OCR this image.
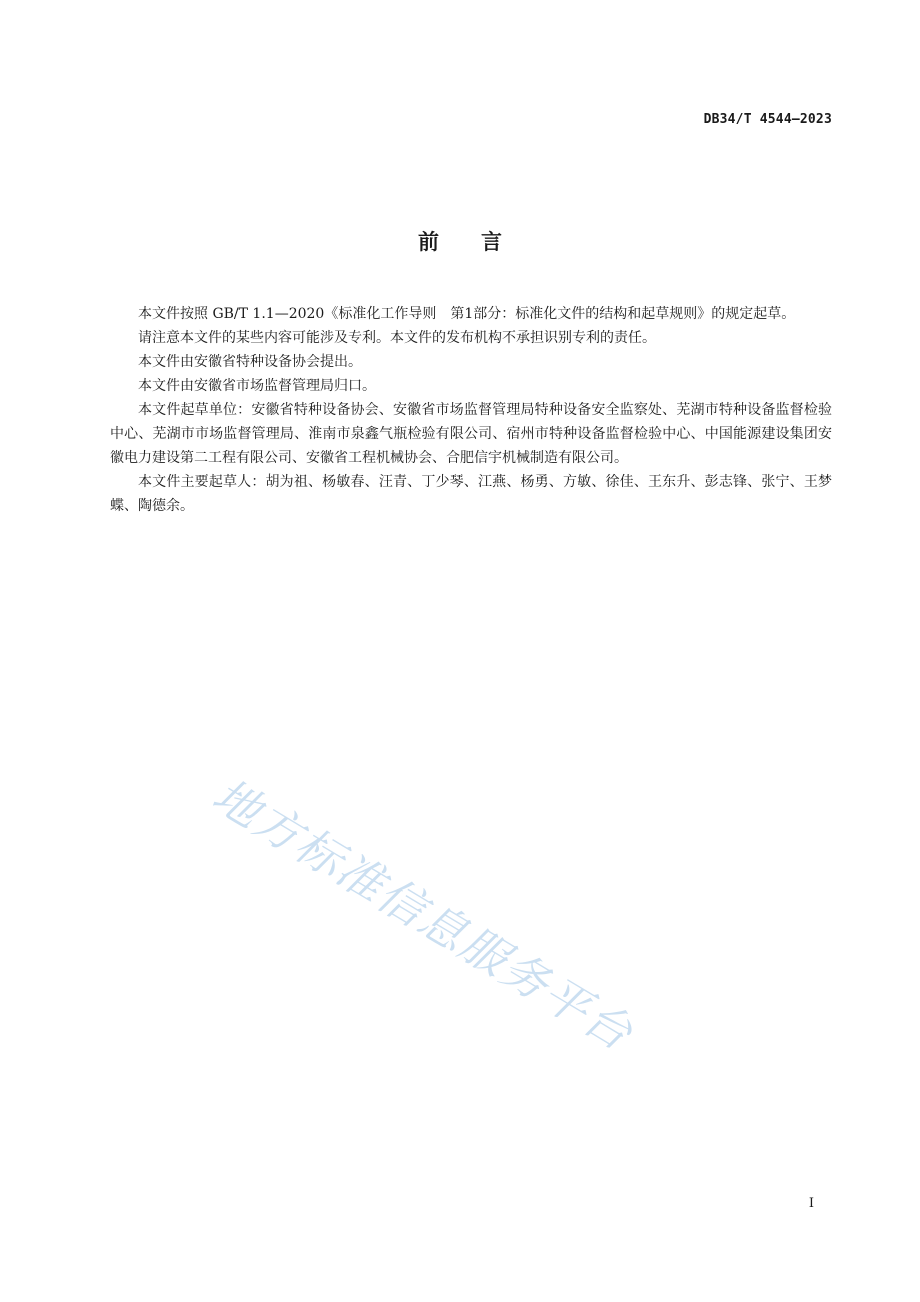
DB34/T 4544—2023
前言

本文件按照 GB/T 1.1—2020《标准化工作导则　第1部分：标准化文件的结构和起草规则》的规定起草。

请注意本文件的某些内容可能涉及专利。本文件的发布机构不承担识别专利的责任。

本文件由安徽省特种设备协会提出。

本文件由安徽省市场监督管理局归口。

本文件起草单位：安徽省特种设备协会、安徽省市场监督管理局特种设备安全监察处、芜湖市特种设备监督检验中心、芜湖市市场监督管理局、淮南市泉鑫气瓶检验有限公司、宿州市特种设备监督检验中心、中国能源建设集团安徽电力建设第二工程有限公司、安徽省工程机械协会、合肥信宇机械制造有限公司。

本文件主要起草人：胡为祖、杨敏春、汪青、丁少琴、江燕、杨勇、方敏、徐佳、王东升、彭志锋、张宁、王梦蝶、陶德余。

地方标准信息服务平台
I
